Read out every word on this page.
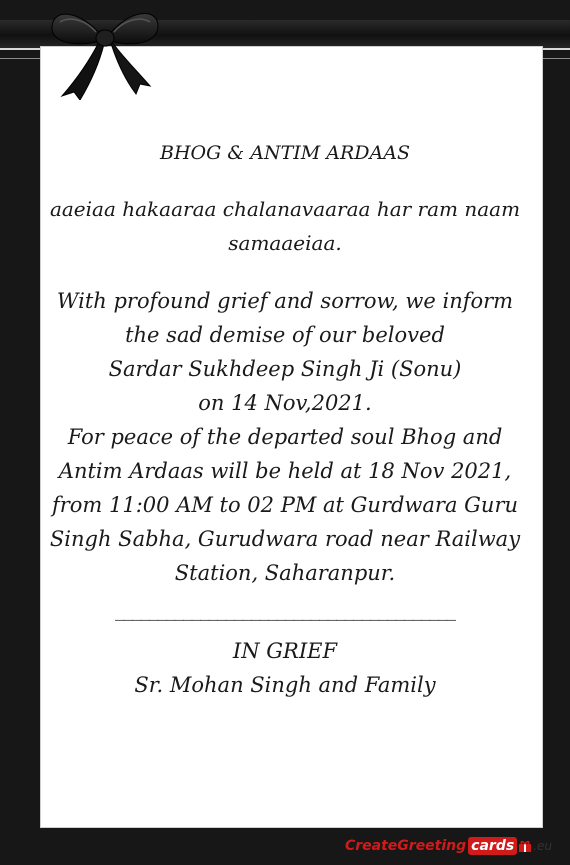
BHOG & ANTIM ARDAAS

aaeiaa hakaaraa chalanavaaraa har ram naam samaaeiaa.

With profound grief and sorrow, we inform

the sad demise of our beloved

Sardar Sukhdeep Singh Ji (Sonu)

on 14 Nov,2021.

For peace of the departed soul Bhog and

Antim Ardaas will be held at 18 Nov 2021,

from 11:00 AM to 02 PM at Gurdwara Guru

Singh Sabha, Gurudwara road near Railway

Station, Saharanpur.

________________________________________

IN GRIEF

Sr. Mohan Singh and Family

CreateGreeting cards .eu
